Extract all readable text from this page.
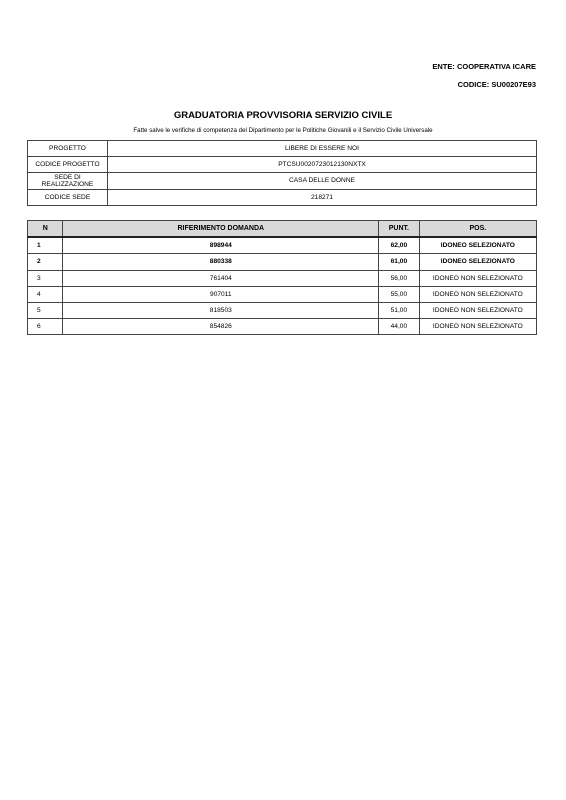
ENTE: COOPERATIVA ICARE
CODICE: SU00207E93
GRADUATORIA PROVVISORIA SERVIZIO CIVILE
Fatte salve le verifiche di competenza del Dipartimento per le Politiche Giovanili e il Servizio Civile Universale
PROGETTO	LIBERE DI ESSERE NOI
CODICE PROGETTO	PTCSU0020723012130NXTX
SEDE DI REALIZZAZIONE	CASA DELLE DONNE
CODICE SEDE	218271
N	RIFERIMENTO DOMANDA	PUNT.	POS.
1	898944	62,00	IDONEO SELEZIONATO
2	880338	61,00	IDONEO SELEZIONATO
3	761404	56,00	IDONEO NON SELEZIONATO
4	907011	55,00	IDONEO NON SELEZIONATO
5	818503	51,00	IDONEO NON SELEZIONATO
6	854826	44,00	IDONEO NON SELEZIONATO
